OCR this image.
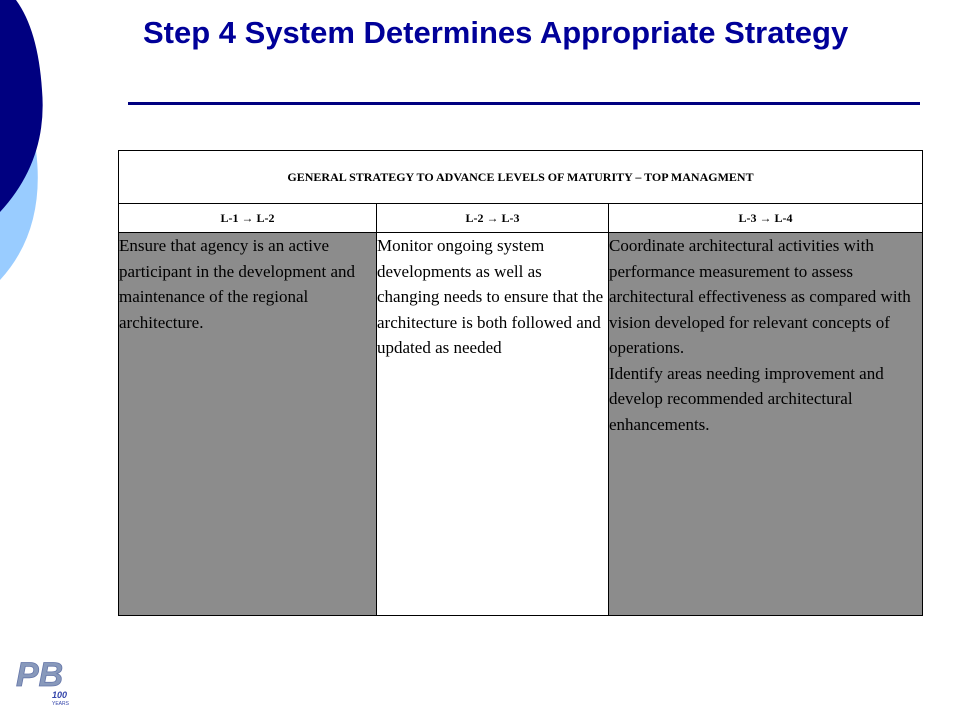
Step 4 System Determines Appropriate Strategy
GENERAL STRATEGY TO ADVANCE LEVELS OF MATURITY – TOP MANAGMENT		
L-1 → L-2	L-2 → L-3	L-3 → L-4

Ensure that agency is an active participant in the development and maintenance of the regional architecture.	Monitor ongoing system developments as well as changing needs to ensure that the architecture is both followed and updated as needed	Coordinate architectural activities with performance measurement to assess architectural effectiveness as compared with vision developed for relevant concepts of operations.
Identify areas needing improvement and develop recommended architectural enhancements.
PB
100
YEARS
